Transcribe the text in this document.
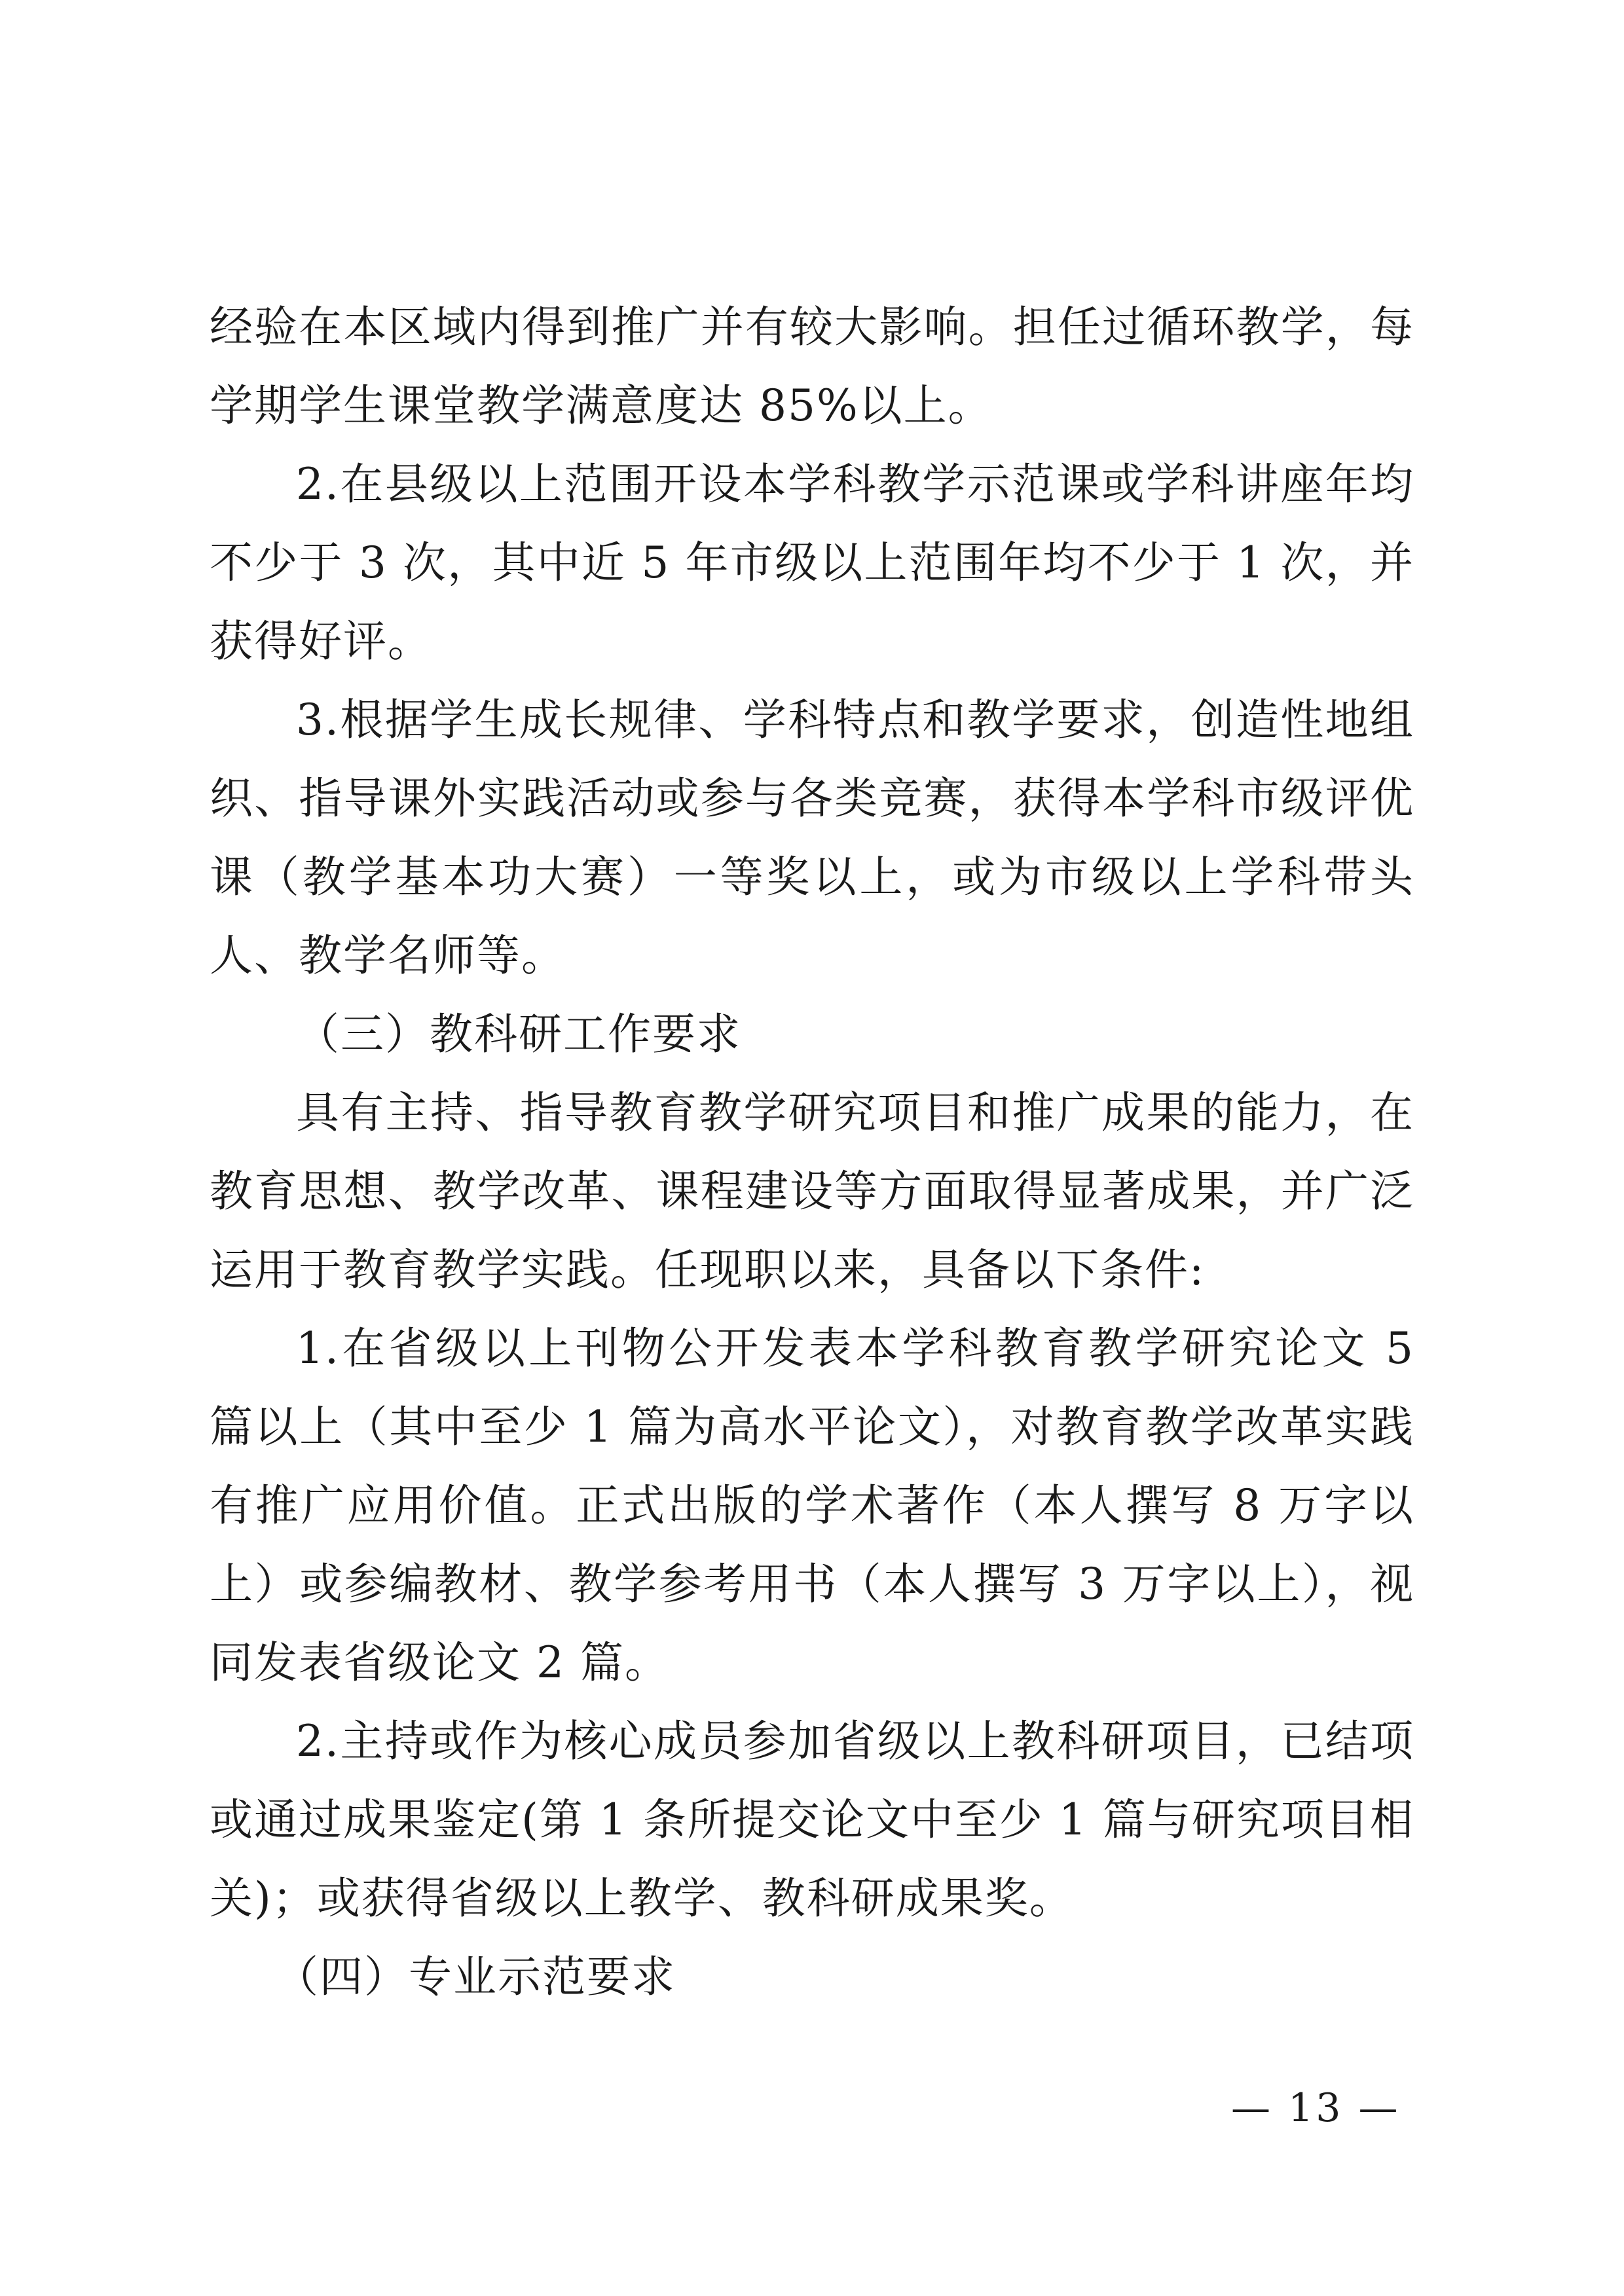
经验在本区域内得到推广并有较大影响。担任过循环教学，每学期学生课堂教学满意度达 85%以上。

2.在县级以上范围开设本学科教学示范课或学科讲座年均不少于 3 次，其中近 5 年市级以上范围年均不少于 1 次，并获得好评。

3.根据学生成长规律、学科特点和教学要求，创造性地组织、指导课外实践活动或参与各类竞赛，获得本学科市级评优课（教学基本功大赛）一等奖以上，或为市级以上学科带头人、教学名师等。

（三）教科研工作要求

具有主持、指导教育教学研究项目和推广成果的能力，在教育思想、教学改革、课程建设等方面取得显著成果，并广泛运用于教育教学实践。任现职以来，具备以下条件:

1.在省级以上刊物公开发表本学科教育教学研究论文 5 篇以上（其中至少 1 篇为高水平论文），对教育教学改革实践有推广应用价值。正式出版的学术著作（本人撰写 8 万字以上）或参编教材、教学参考用书（本人撰写 3 万字以上），视同发表省级论文 2 篇。

2.主持或作为核心成员参加省级以上教科研项目，已结项或通过成果鉴定(第 1 条所提交论文中至少 1 篇与研究项目相关)；或获得省级以上教学、教科研成果奖。

（四）专业示范要求

— 13 —
